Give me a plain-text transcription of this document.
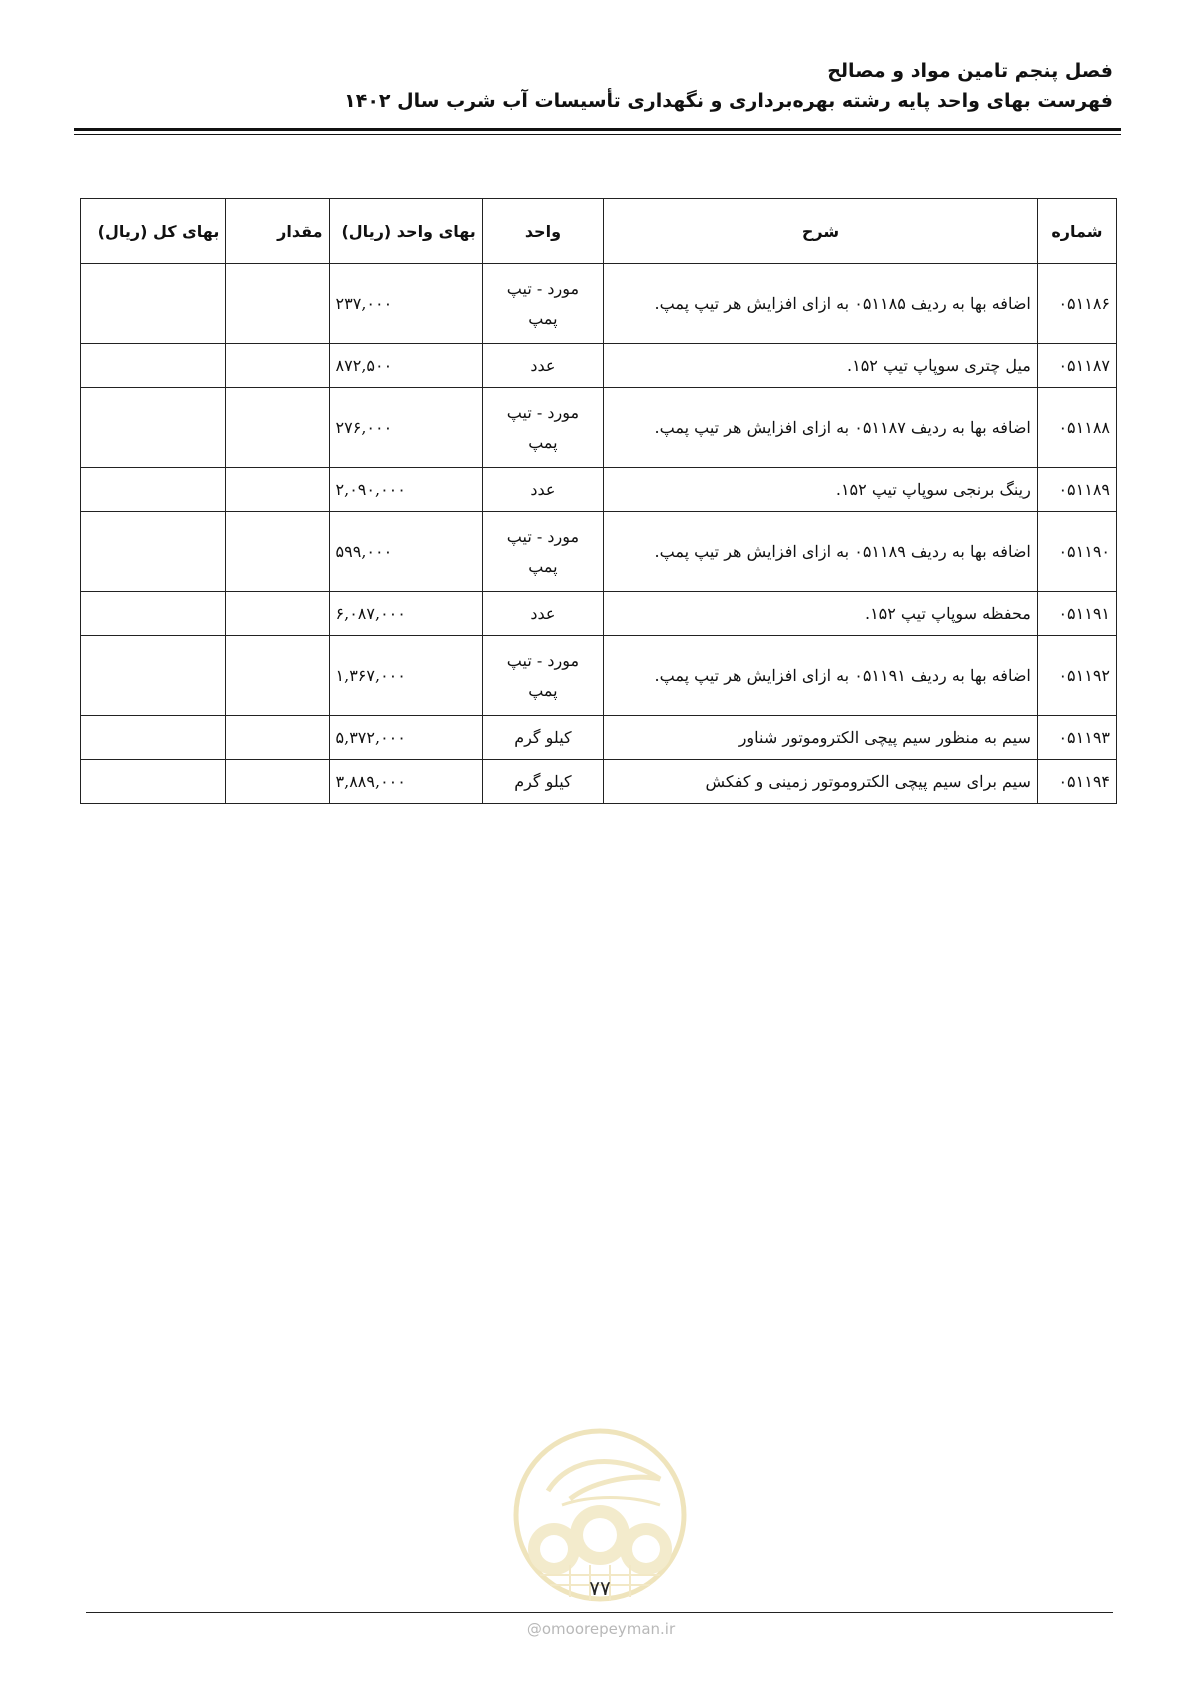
فصل پنجم تامین مواد و مصالح
فهرست بهای واحد پایه رشته بهره‌برداری و نگهداری تأسیسات آب شرب سال ۱۴۰۲
شماره	شرح	واحد	بهای واحد (ریال)	مقدار	بهای کل (ریال)
۰۵۱۱۸۶	اضافه بها به ردیف ۰۵۱۱۸۵ به ازای افزایش هر تیپ پمپ.	مورد - تیپ
پمپ	۲۳۷,۰۰۰		
۰۵۱۱۸۷	میل چتری سوپاپ تیپ ۱۵۲.	عدد	۸۷۲,۵۰۰		
۰۵۱۱۸۸	اضافه بها به ردیف ۰۵۱۱۸۷ به ازای افزایش هر تیپ پمپ.	مورد - تیپ
پمپ	۲۷۶,۰۰۰		
۰۵۱۱۸۹	رینگ برنجی سوپاپ تیپ ۱۵۲.	عدد	۲,۰۹۰,۰۰۰		
۰۵۱۱۹۰	اضافه بها به ردیف ۰۵۱۱۸۹ به ازای افزایش هر تیپ پمپ.	مورد - تیپ
پمپ	۵۹۹,۰۰۰		
۰۵۱۱۹۱	محفظه سوپاپ تیپ ۱۵۲.	عدد	۶,۰۸۷,۰۰۰		
۰۵۱۱۹۲	اضافه بها به ردیف ۰۵۱۱۹۱ به ازای افزایش هر تیپ پمپ.	مورد - تیپ
پمپ	۱,۳۶۷,۰۰۰		
۰۵۱۱۹۳	سیم به منظور سیم پیچی الکتروموتور شناور	کیلو گرم	۵,۳۷۲,۰۰۰		
۰۵۱۱۹۴	سیم برای سیم پیچی الکتروموتور زمینی و کفکش	کیلو گرم	۳,۸۸۹,۰۰۰		
۷۷
@omoorepeyman.ir
